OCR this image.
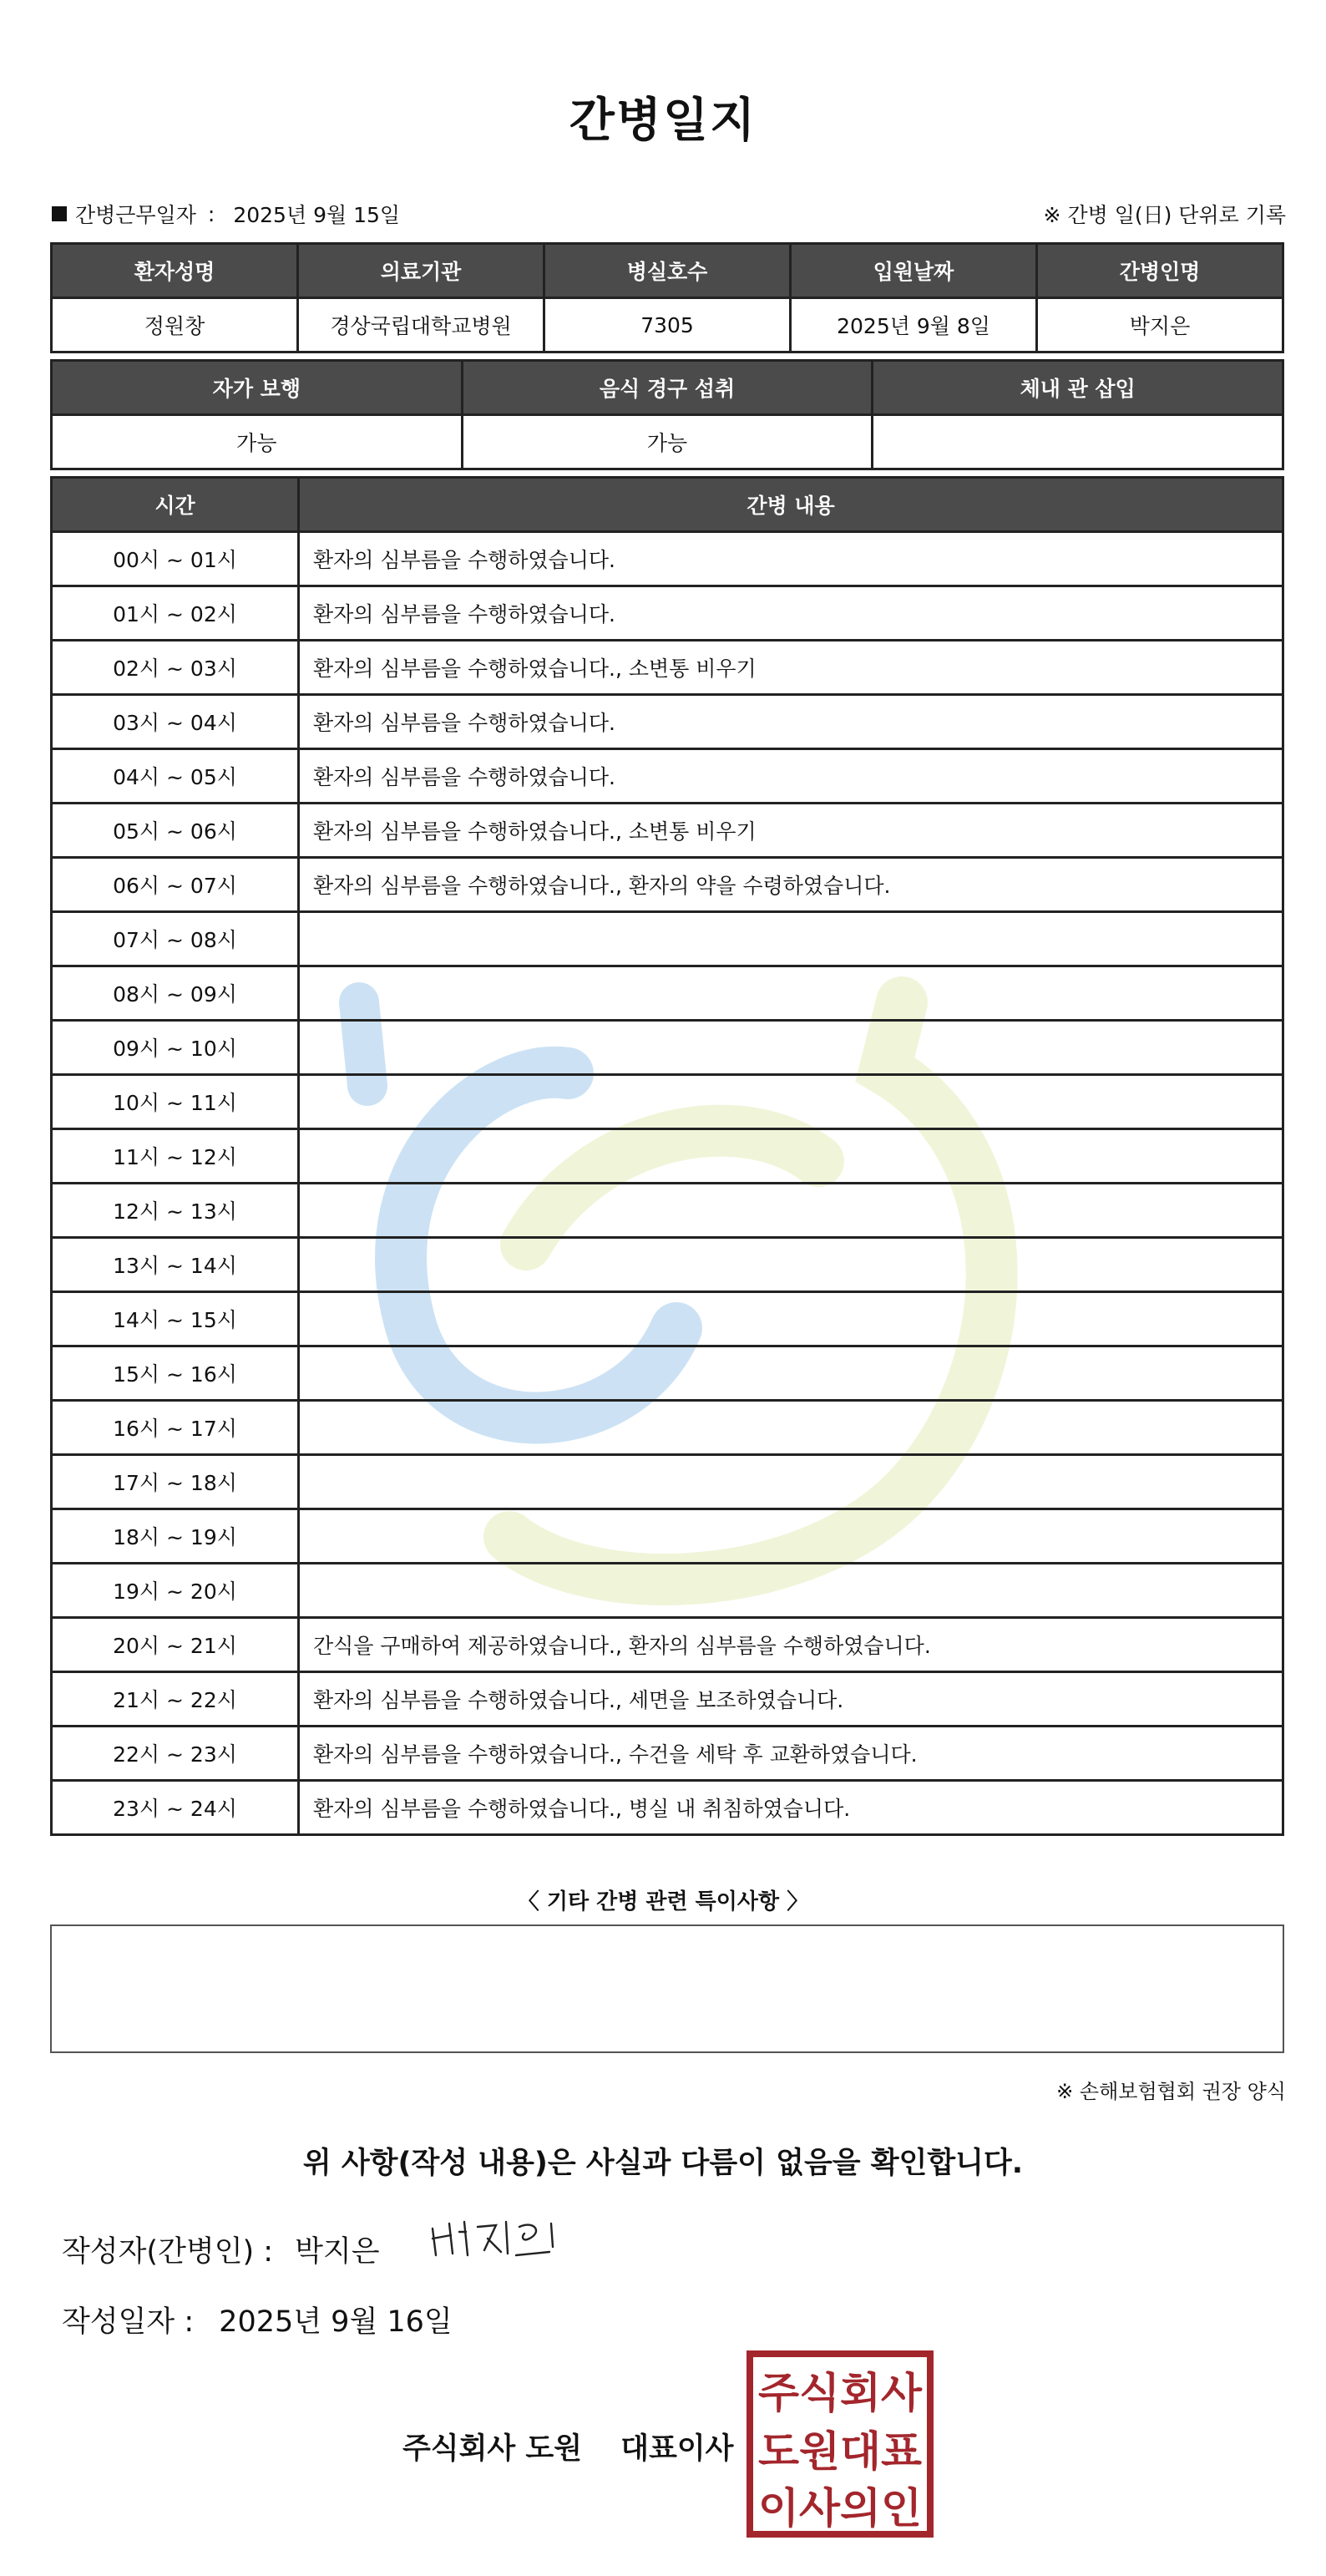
간병일지
간병근무일자 : 2025년 9월 15일	※ 간병 일(日) 단위로 기록
환자성명	의료기관	병실호수	입원날짜	간병인명
정원창	경상국립대학교병원	7305	2025년 9월 8일	박지은
자가 보행	음식 경구 섭취	체내 관 삽입
가능	가능	
시간	간병 내용
00시 ~ 01시	환자의 심부름을 수행하였습니다.
01시 ~ 02시	환자의 심부름을 수행하였습니다.
02시 ~ 03시	환자의 심부름을 수행하였습니다., 소변통 비우기
03시 ~ 04시	환자의 심부름을 수행하였습니다.
04시 ~ 05시	환자의 심부름을 수행하였습니다.
05시 ~ 06시	환자의 심부름을 수행하였습니다., 소변통 비우기
06시 ~ 07시	환자의 심부름을 수행하였습니다., 환자의 약을 수령하였습니다.
07시 ~ 08시	
08시 ~ 09시	
09시 ~ 10시	
10시 ~ 11시	
11시 ~ 12시	
12시 ~ 13시	
13시 ~ 14시	
14시 ~ 15시	
15시 ~ 16시	
16시 ~ 17시	
17시 ~ 18시	
18시 ~ 19시	
19시 ~ 20시	
20시 ~ 21시	간식을 구매하여 제공하였습니다., 환자의 심부름을 수행하였습니다.
21시 ~ 22시	환자의 심부름을 수행하였습니다., 세면을 보조하였습니다.
22시 ~ 23시	환자의 심부름을 수행하였습니다., 수건을 세탁 후 교환하였습니다.
23시 ~ 24시	환자의 심부름을 수행하였습니다., 병실 내 취침하였습니다.
〈 기타 간병 관련 특이사항 〉
※ 손해보험협회 권장 양식
위 사항(작성 내용)은 사실과 다름이 없음을 확인합니다.
작성자(간병인) : 박지은
작성일자 : 2025년 9월 16일
주식회사 도원 대표이사
주식회사
도원대표
이사의인
